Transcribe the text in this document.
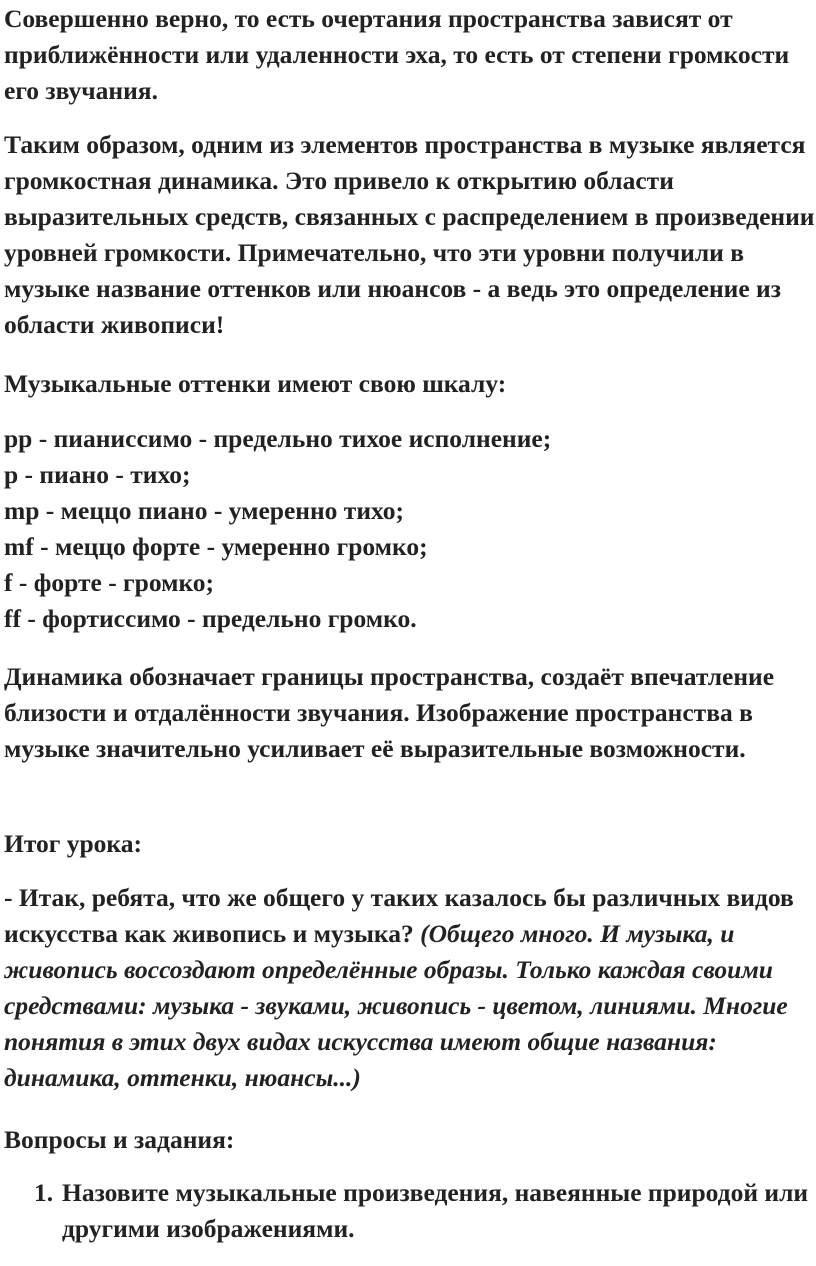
Совершенно верно, то есть очертания пространства зависят от приближённости или удаленности эха, то есть от степени громкости его звучания.

Таким образом, одним из элементов пространства в музыке является громкостная динамика. Это привело к открытию области выразительных средств, связанных с распределением в произведении уровней громкости. Примечательно, что эти уровни получили в музыке название оттенков или нюансов - а ведь это определение из области живописи!

Музыкальные оттенки имеют свою шкалу:

pp - пианиссимо - предельно тихое исполнение;
p - пиано - тихо;
mp - меццо пиано - умеренно тихо;
mf - меццо форте - умеренно громко;
f - форте - громко;
ff - фортиссимо - предельно громко.

Динамика обозначает границы пространства, создаёт впечатление близости и отдалённости звучания. Изображение пространства в музыке значительно усиливает её выразительные возможности.

Итог урока:

- Итак, ребята, что же общего у таких казалось бы различных видов искусства как живопись и музыка? (Общего много. И музыка, и живопись воссоздают определённые образы. Только каждая своими средствами: музыка - звуками, живопись - цветом, линиями. Многие понятия в этих двух видах искусства имеют общие названия: динамика, оттенки, нюансы...)

Вопросы и задания:

1. Назовите музыкальные произведения, навеянные природой или другими изображениями.
